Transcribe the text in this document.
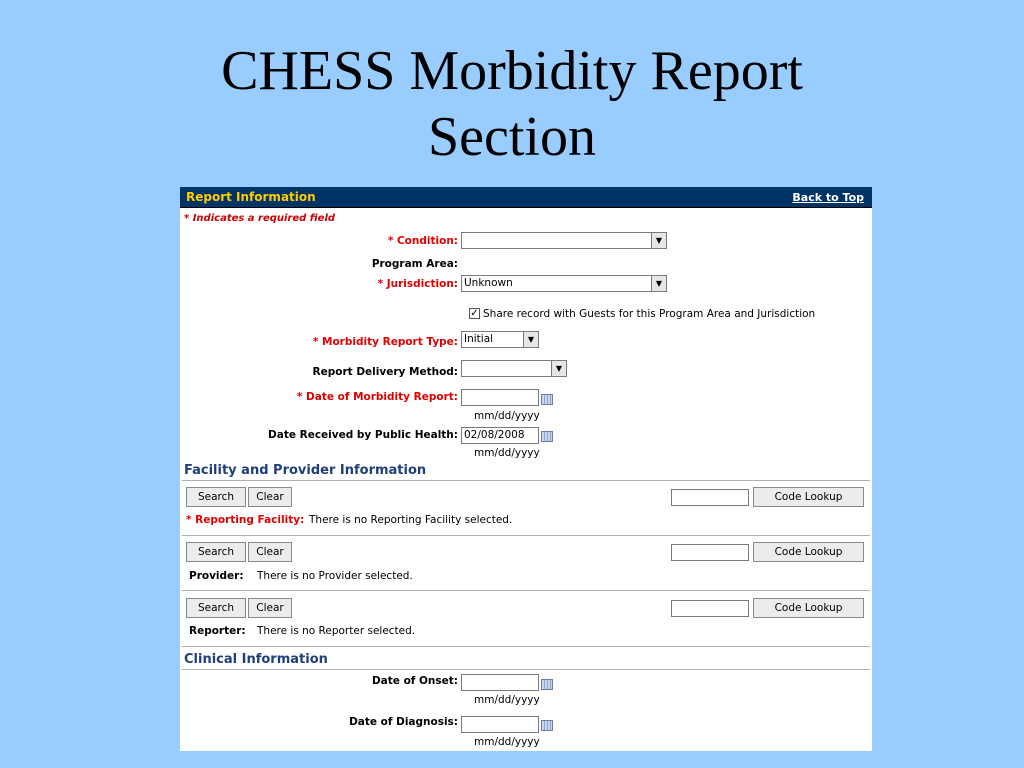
CHESS Morbidity Report
Section
Report Information	Back to Top
* Indicates a required field
* Condition:	▼
Program Area:
* Jurisdiction: Unknown	▼
✓ Share record with Guests for this Program Area and Jurisdiction
* Morbidity Report Type: Initial	▼
Report Delivery Method:	▼
* Date of Morbidity Report:
mm/dd/yyyy
Date Received by Public Health: 02/08/2008
mm/dd/yyyy
Facility and Provider Information
Search	Clear	Code Lookup
* Reporting Facility: There is no Reporting Facility selected.
Search	Clear	Code Lookup
Provider: There is no Provider selected.
Search	Clear	Code Lookup
Reporter: There is no Reporter selected.
Clinical Information
Date of Onset:
mm/dd/yyyy
Date of Diagnosis:
mm/dd/yyyy
